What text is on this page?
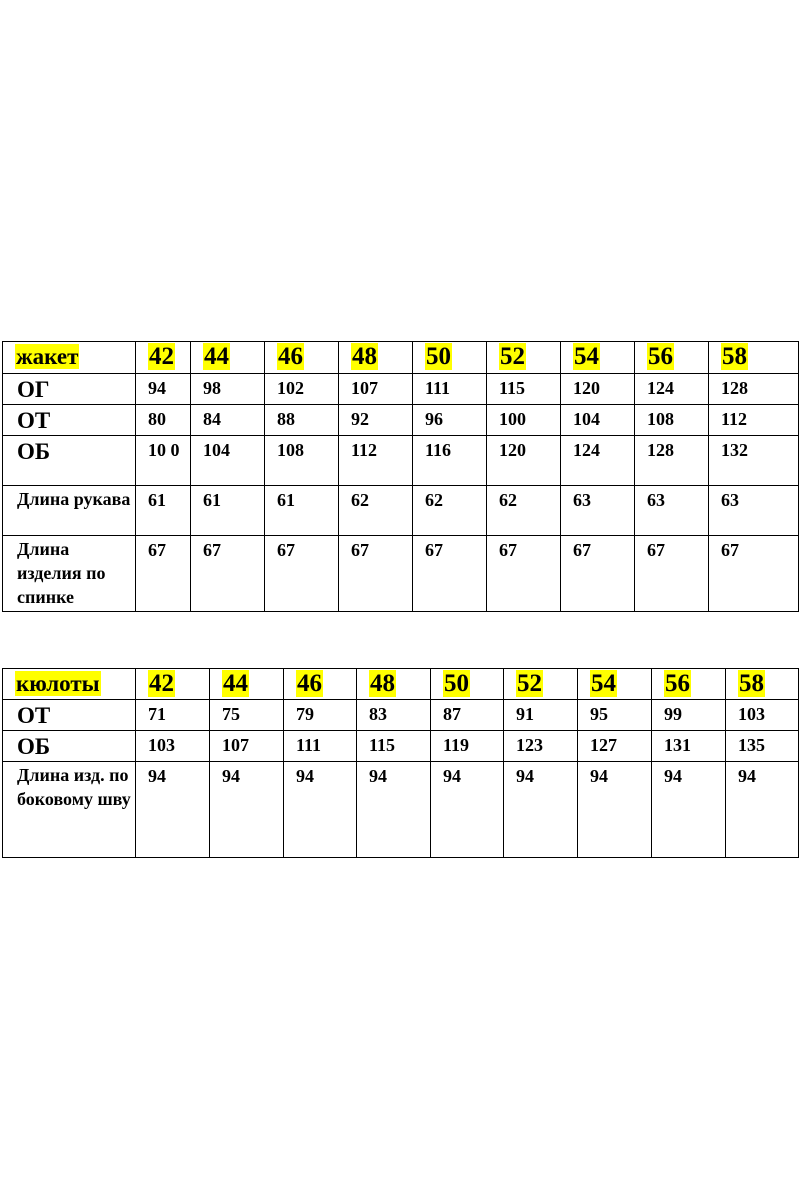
жакет	42	44	46	48	50	52	54	56	58
ОГ	94	98	102	107	111	115	120	124	128
ОТ	80	84	88	92	96	100	104	108	112
ОБ	10 0	104	108	112	116	120	124	128	132
Длина рукава	61	61	61	62	62	62	63	63	63
Длина изделия по спинке	67	67	67	67	67	67	67	67	67
кюлоты	42	44	46	48	50	52	54	56	58
ОТ	71	75	79	83	87	91	95	99	103
ОБ	103	107	111	115	119	123	127	131	135
Длина изд. по боковому шву	94	94	94	94	94	94	94	94	94
